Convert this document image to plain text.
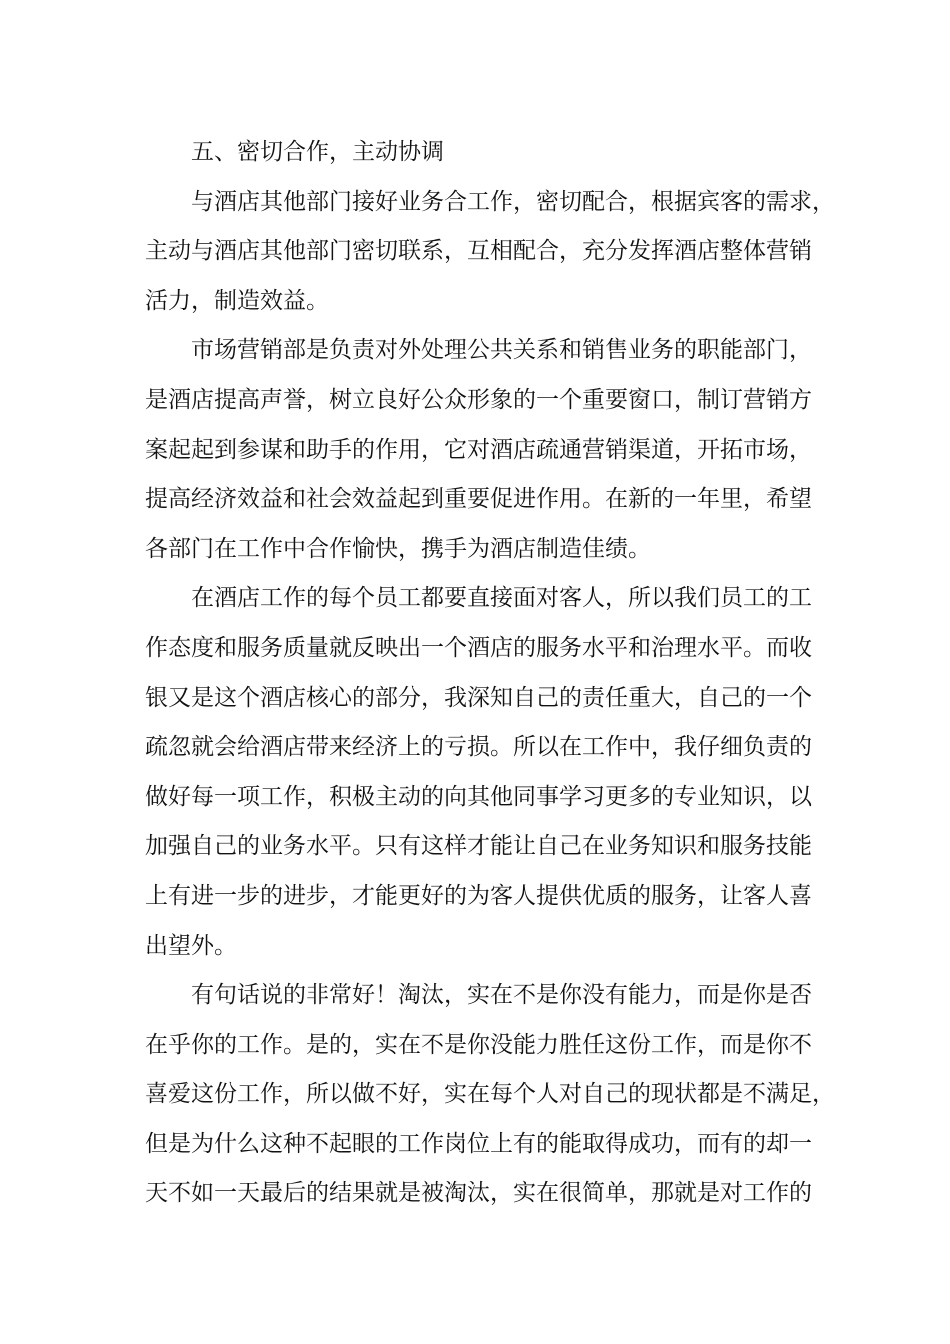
五、密切合作，主动协调
与酒店其他部门接好业务合工作，密切配合，根据宾客的需求，
主动与酒店其他部门密切联系，互相配合，充分发挥酒店整体营销
活力，制造效益。
市场营销部是负责对外处理公共关系和销售业务的职能部门，
是酒店提高声誉，树立良好公众形象的一个重要窗口，制订营销方
案起起到参谋和助手的作用，它对酒店疏通营销渠道，开拓市场，
提高经济效益和社会效益起到重要促进作用。在新的一年里，希望
各部门在工作中合作愉快，携手为酒店制造佳绩。
在酒店工作的每个员工都要直接面对客人，所以我们员工的工
作态度和服务质量就反映出一个酒店的服务水平和治理水平。而收
银又是这个酒店核心的部分，我深知自己的责任重大，自己的一个
疏忽就会给酒店带来经济上的亏损。所以在工作中，我仔细负责的
做好每一项工作，积极主动的向其他同事学习更多的专业知识，以
加强自己的业务水平。只有这样才能让自己在业务知识和服务技能
上有进一步的进步，才能更好的为客人提供优质的服务，让客人喜
出望外。
有句话说的非常好！淘汰，实在不是你没有能力，而是你是否
在乎你的工作。是的，实在不是你没能力胜任这份工作，而是你不
喜爱这份工作，所以做不好，实在每个人对自己的现状都是不满足，
但是为什么这种不起眼的工作岗位上有的能取得成功，而有的却一
天不如一天最后的结果就是被淘汰，实在很简单，那就是对工作的
